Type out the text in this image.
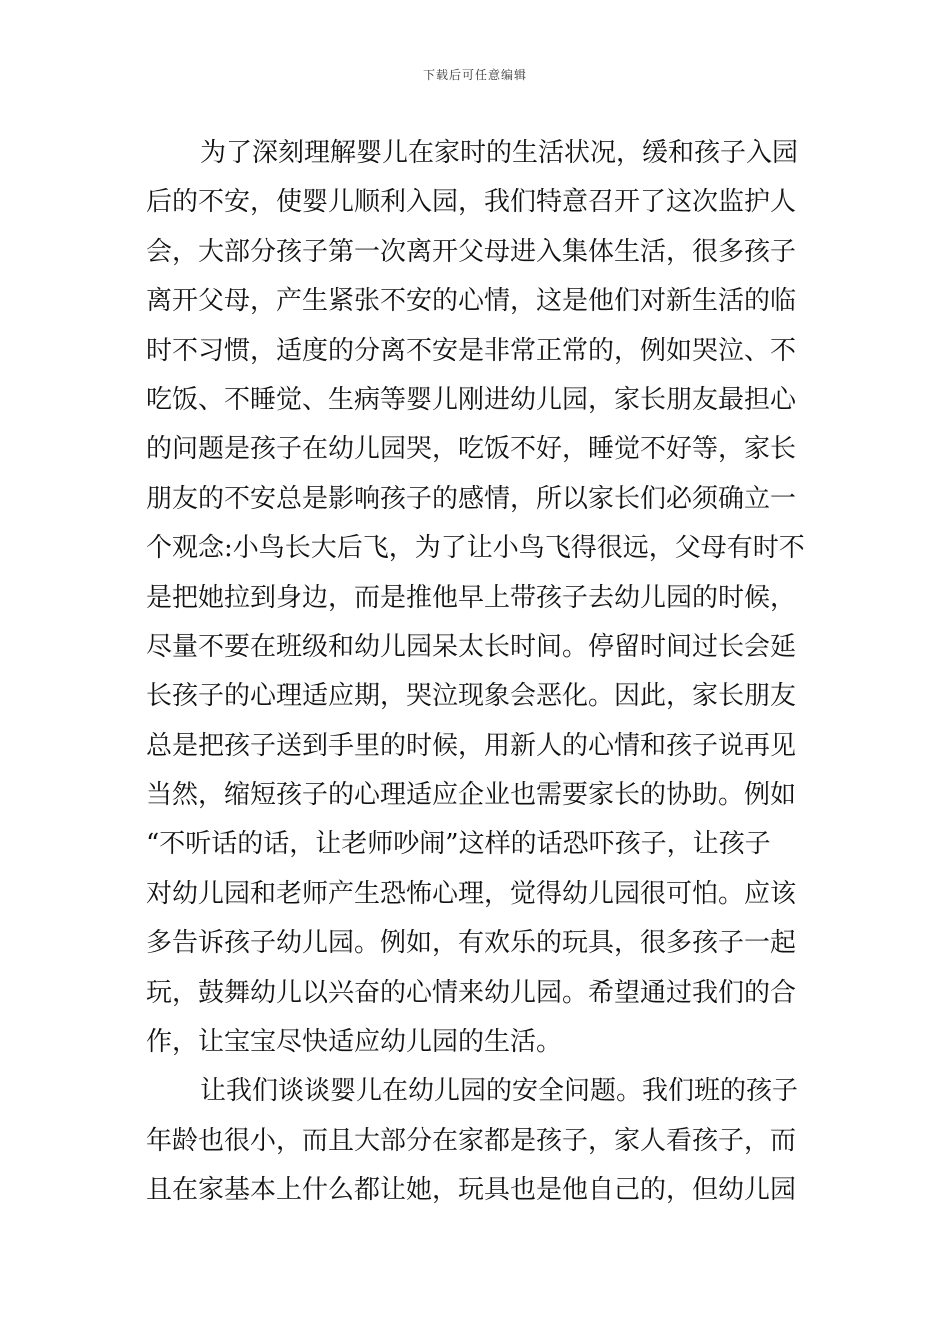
下载后可任意编辑
为了深刻理解婴儿在家时的生活状况，缓和孩子入园
后的不安，使婴儿顺利入园，我们特意召开了这次监护人
会，大部分孩子第一次离开父母进入集体生活，很多孩子
离开父母，产生紧张不安的心情，这是他们对新生活的临
时不习惯，适度的分离不安是非常正常的，例如哭泣、不
吃饭、不睡觉、生病等婴儿刚进幼儿园，家长朋友最担心
的问题是孩子在幼儿园哭，吃饭不好，睡觉不好等，家长
朋友的不安总是影响孩子的感情，所以家长们必须确立一
个观念:小鸟长大后飞，为了让小鸟飞得很远，父母有时不
是把她拉到身边，而是推他早上带孩子去幼儿园的时候，
尽量不要在班级和幼儿园呆太长时间。停留时间过长会延
长孩子的心理适应期，哭泣现象会恶化。因此，家长朋友
总是把孩子送到手里的时候，用新人的心情和孩子说再见
当然，缩短孩子的心理适应企业也需要家长的协助。例如
“不听话的话，让老师吵闹”这样的话恐吓孩子，让孩子
对幼儿园和老师产生恐怖心理，觉得幼儿园很可怕。应该
多告诉孩子幼儿园。例如，有欢乐的玩具，很多孩子一起
玩，鼓舞幼儿以兴奋的心情来幼儿园。希望通过我们的合
作，让宝宝尽快适应幼儿园的生活。
让我们谈谈婴儿在幼儿园的安全问题。我们班的孩子
年龄也很小，而且大部分在家都是孩子，家人看孩子，而
且在家基本上什么都让她，玩具也是他自己的，但幼儿园
